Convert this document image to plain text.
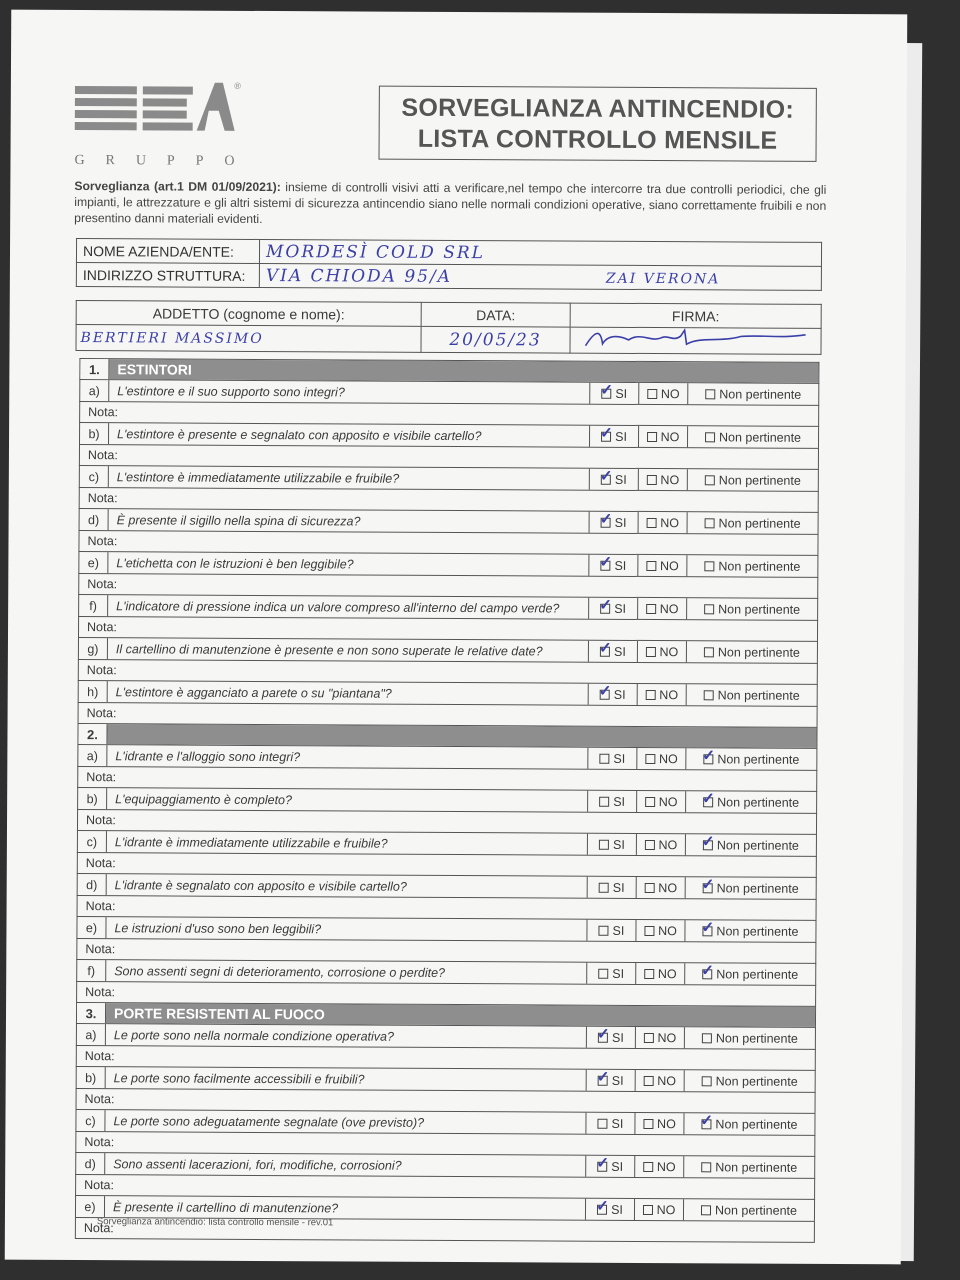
®
G R U P P O
SORVEGLIANZA ANTINCENDIO:
LISTA CONTROLLO MENSILE
Sorveglianza (art.1 DM 01/09/2021): insieme di controlli visivi atti a verificare,nel tempo che intercorre tra due controlli periodici, che gli impianti, le attrezzature e gli altri sistemi di sicurezza antincendio siano nelle normali condizioni operative, siano correttamente fruibili e non presentino danni materiali evidenti.
NOME AZIENDA/ENTE:	MORDESÌ COLD SRL
INDIRIZZO STRUTTURA:	VIA CHIODA 95/A ZAI VERONA
ADDETTO (cognome e nome):	DATA:	FIRMA:
BERTIERI MASSIMO	20/05/23	
1.	ESTINTORI
a)	L'estintore e il suo supporto sono integri? ✓	SI	NO	Non pertinente
Nota:
b)	L'estintore è presente e segnalato con apposito e visibile cartello? ✓	SI	NO	Non pertinente
Nota:
c)	L'estintore è immediatamente utilizzabile e fruibile? ✓	SI	NO	Non pertinente
Nota:
d)	È presente il sigillo nella spina di sicurezza? ✓	SI	NO	Non pertinente
Nota:
e)	L'etichetta con le istruzioni è ben leggibile? ✓	SI	NO	Non pertinente
Nota:
f)	L'indicatore di pressione indica un valore compreso all'interno del campo verde? ✓	SI	NO	Non pertinente
Nota:
g)	Il cartellino di manutenzione è presente e non sono superate le relative date? ✓	SI	NO	Non pertinente
Nota:
h)	L'estintore è agganciato a parete o su "piantana"? ✓	SI	NO	Non pertinente
Nota:
2.
a)	L'idrante e l'alloggio sono integri?	SI	NO ✓	Non pertinente
Nota:
b)	L'equipaggiamento è completo?	SI	NO ✓	Non pertinente
Nota:
c)	L'idrante è immediatamente utilizzabile e fruibile?	SI	NO ✓	Non pertinente
Nota:
d)	L'idrante è segnalato con apposito e visibile cartello?	SI	NO ✓	Non pertinente
Nota:
e)	Le istruzioni d'uso sono ben leggibili?	SI	NO ✓	Non pertinente
Nota:
f)	Sono assenti segni di deterioramento, corrosione o perdite?	SI	NO ✓	Non pertinente
Nota:
3.	PORTE RESISTENTI AL FUOCO
a)	Le porte sono nella normale condizione operativa? ✓	SI	NO	Non pertinente
Nota:
b)	Le porte sono facilmente accessibili e fruibili? ✓	SI	NO	Non pertinente
Nota:
c)	Le porte sono adeguatamente segnalate (ove previsto)?	SI	NO ✓	Non pertinente
Nota:
d)	Sono assenti lacerazioni, fori, modifiche, corrosioni? ✓	SI	NO	Non pertinente
Nota:
e)	È presente il cartellino di manutenzione? ✓	SI	NO	Non pertinente
Nota:
Sorveglianza antincendio: lista controllo mensile - rev.01
